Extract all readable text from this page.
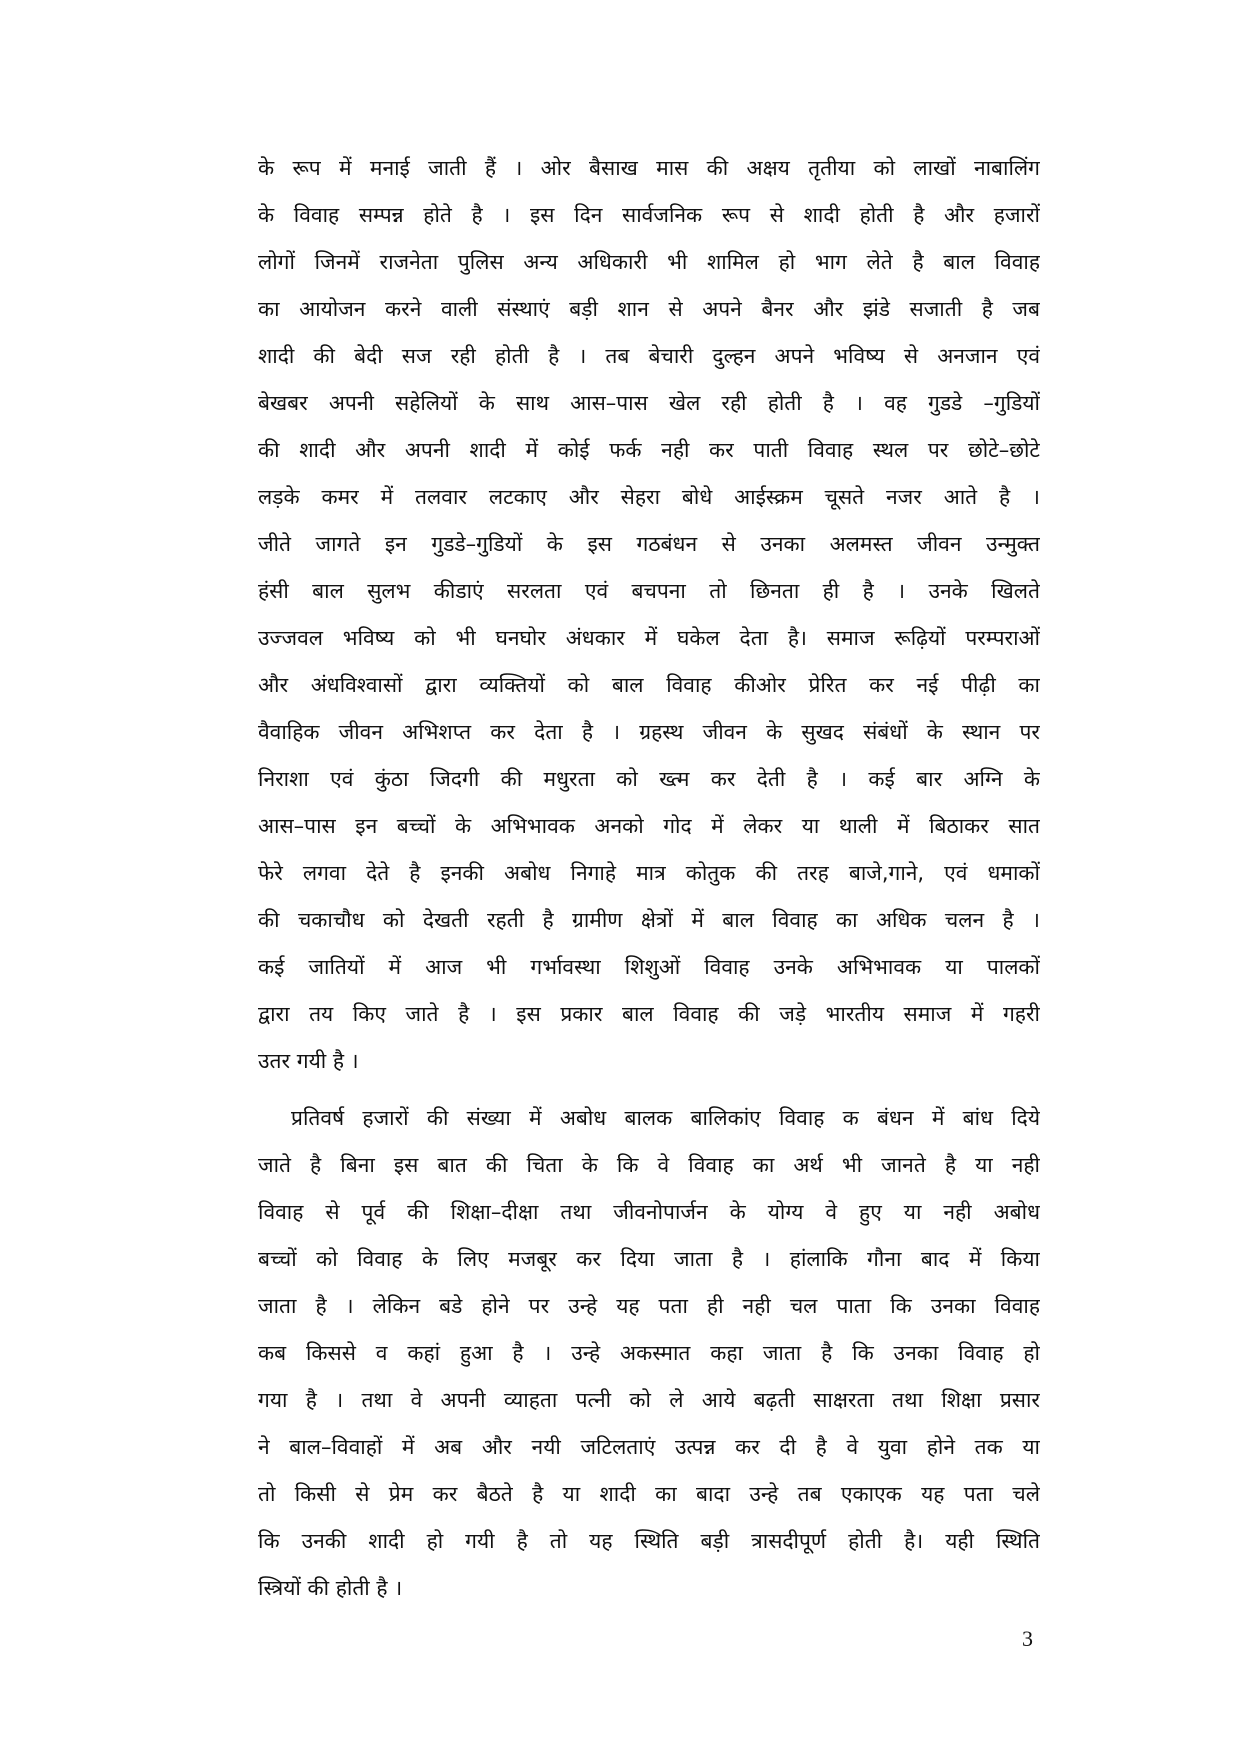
के रूप में मनाई जाती हैं । ओर बैसाख मास की अक्षय तृतीया को लाखों नाबालिंग
के विवाह सम्पन्न होते है । इस दिन सार्वजनिक रूप से शादी होती है और हजारों
लोगों जिनमें राजनेता पुलिस अन्य अधिकारी भी शामिल हो भाग लेते है बाल विवाह
का आयोजन करने वाली संस्थाएं बड़ी शान से अपने बैनर और झंडे सजाती है जब
शादी की बेदी सज रही होती है । तब बेचारी दुल्हन अपने भविष्य से अनजान एवं
बेखबर अपनी सहेलियों के साथ आस–पास खेल रही होती है । वह गुडडे –गुडियों
की शादी और अपनी शादी में कोई फर्क नही कर पाती विवाह स्थल पर छोटे–छोटे
लड़के कमर में तलवार लटकाए और सेहरा बोधे आईस्क्रम चूसते नजर आते है ।
जीते जागते इन गुडडे–गुडियों के इस गठबंधन से उनका अलमस्त जीवन उन्मुक्त
हंसी बाल सुलभ कीडाएं सरलता एवं बचपना तो छिनता ही है । उनके खिलते
उज्जवल भविष्य को भी घनघोर अंधकार में घकेल देता है। समाज रूढ़ियों परम्पराओं
और अंधविश्वासों द्वारा व्यक्तियों को बाल विवाह कीओर प्रेरित कर नई पीढ़ी का
वैवाहिक जीवन अभिशप्त कर देता है । ग्रहस्थ जीवन के सुखद संबंधों के स्थान पर
निराशा एवं कुंठा जिदगी की मधुरता को ख्त्म कर देती है । कई बार अग्नि के
आस–पास इन बच्चों के अभिभावक अनको गोद में लेकर या थाली में बिठाकर सात
फेरे लगवा देते है इनकी अबोध निगाहे मात्र कोतुक की तरह बाजे,गाने, एवं धमाकों
की चकाचौध को देखती रहती है ग्रामीण क्षेत्रों में बाल विवाह का अधिक चलन है ।
कई जातियों में आज भी गर्भावस्था शिशुओं विवाह उनके अभिभावक या पालकों
द्वारा तय किए जाते है । इस प्रकार बाल विवाह की जड़े भारतीय समाज में गहरी
उतर गयी है ।
प्रतिवर्ष हजारों की संख्या में अबोध बालक बालिकांए विवाह क बंधन में बांध दिये
जाते है बिना इस बात की चिता के कि वे विवाह का अर्थ भी जानते है या नही
विवाह से पूर्व की शिक्षा–दीक्षा तथा जीवनोपार्जन के योग्य वे हुए या नही अबोध
बच्चों को विवाह के लिए मजबूर कर दिया जाता है । हांलाकि गौना बाद में किया
जाता है । लेकिन बडे होने पर उन्हे यह पता ही नही चल पाता कि उनका विवाह
कब किससे व कहां हुआ है । उन्हे अकस्मात कहा जाता है कि उनका विवाह हो
गया है । तथा वे अपनी व्याहता पत्नी को ले आये बढ़ती साक्षरता तथा शिक्षा प्रसार
ने बाल–विवाहों में अब और नयी जटिलताएं उत्पन्न कर दी है वे युवा होने तक या
तो किसी से प्रेम कर बैठते है या शादी का बादा उन्हे तब एकाएक यह पता चले
कि उनकी शादी हो गयी है तो यह स्थिति बड़ी त्रासदीपूर्ण होती है। यही स्थिति
स्त्रियों की होती है ।
3
